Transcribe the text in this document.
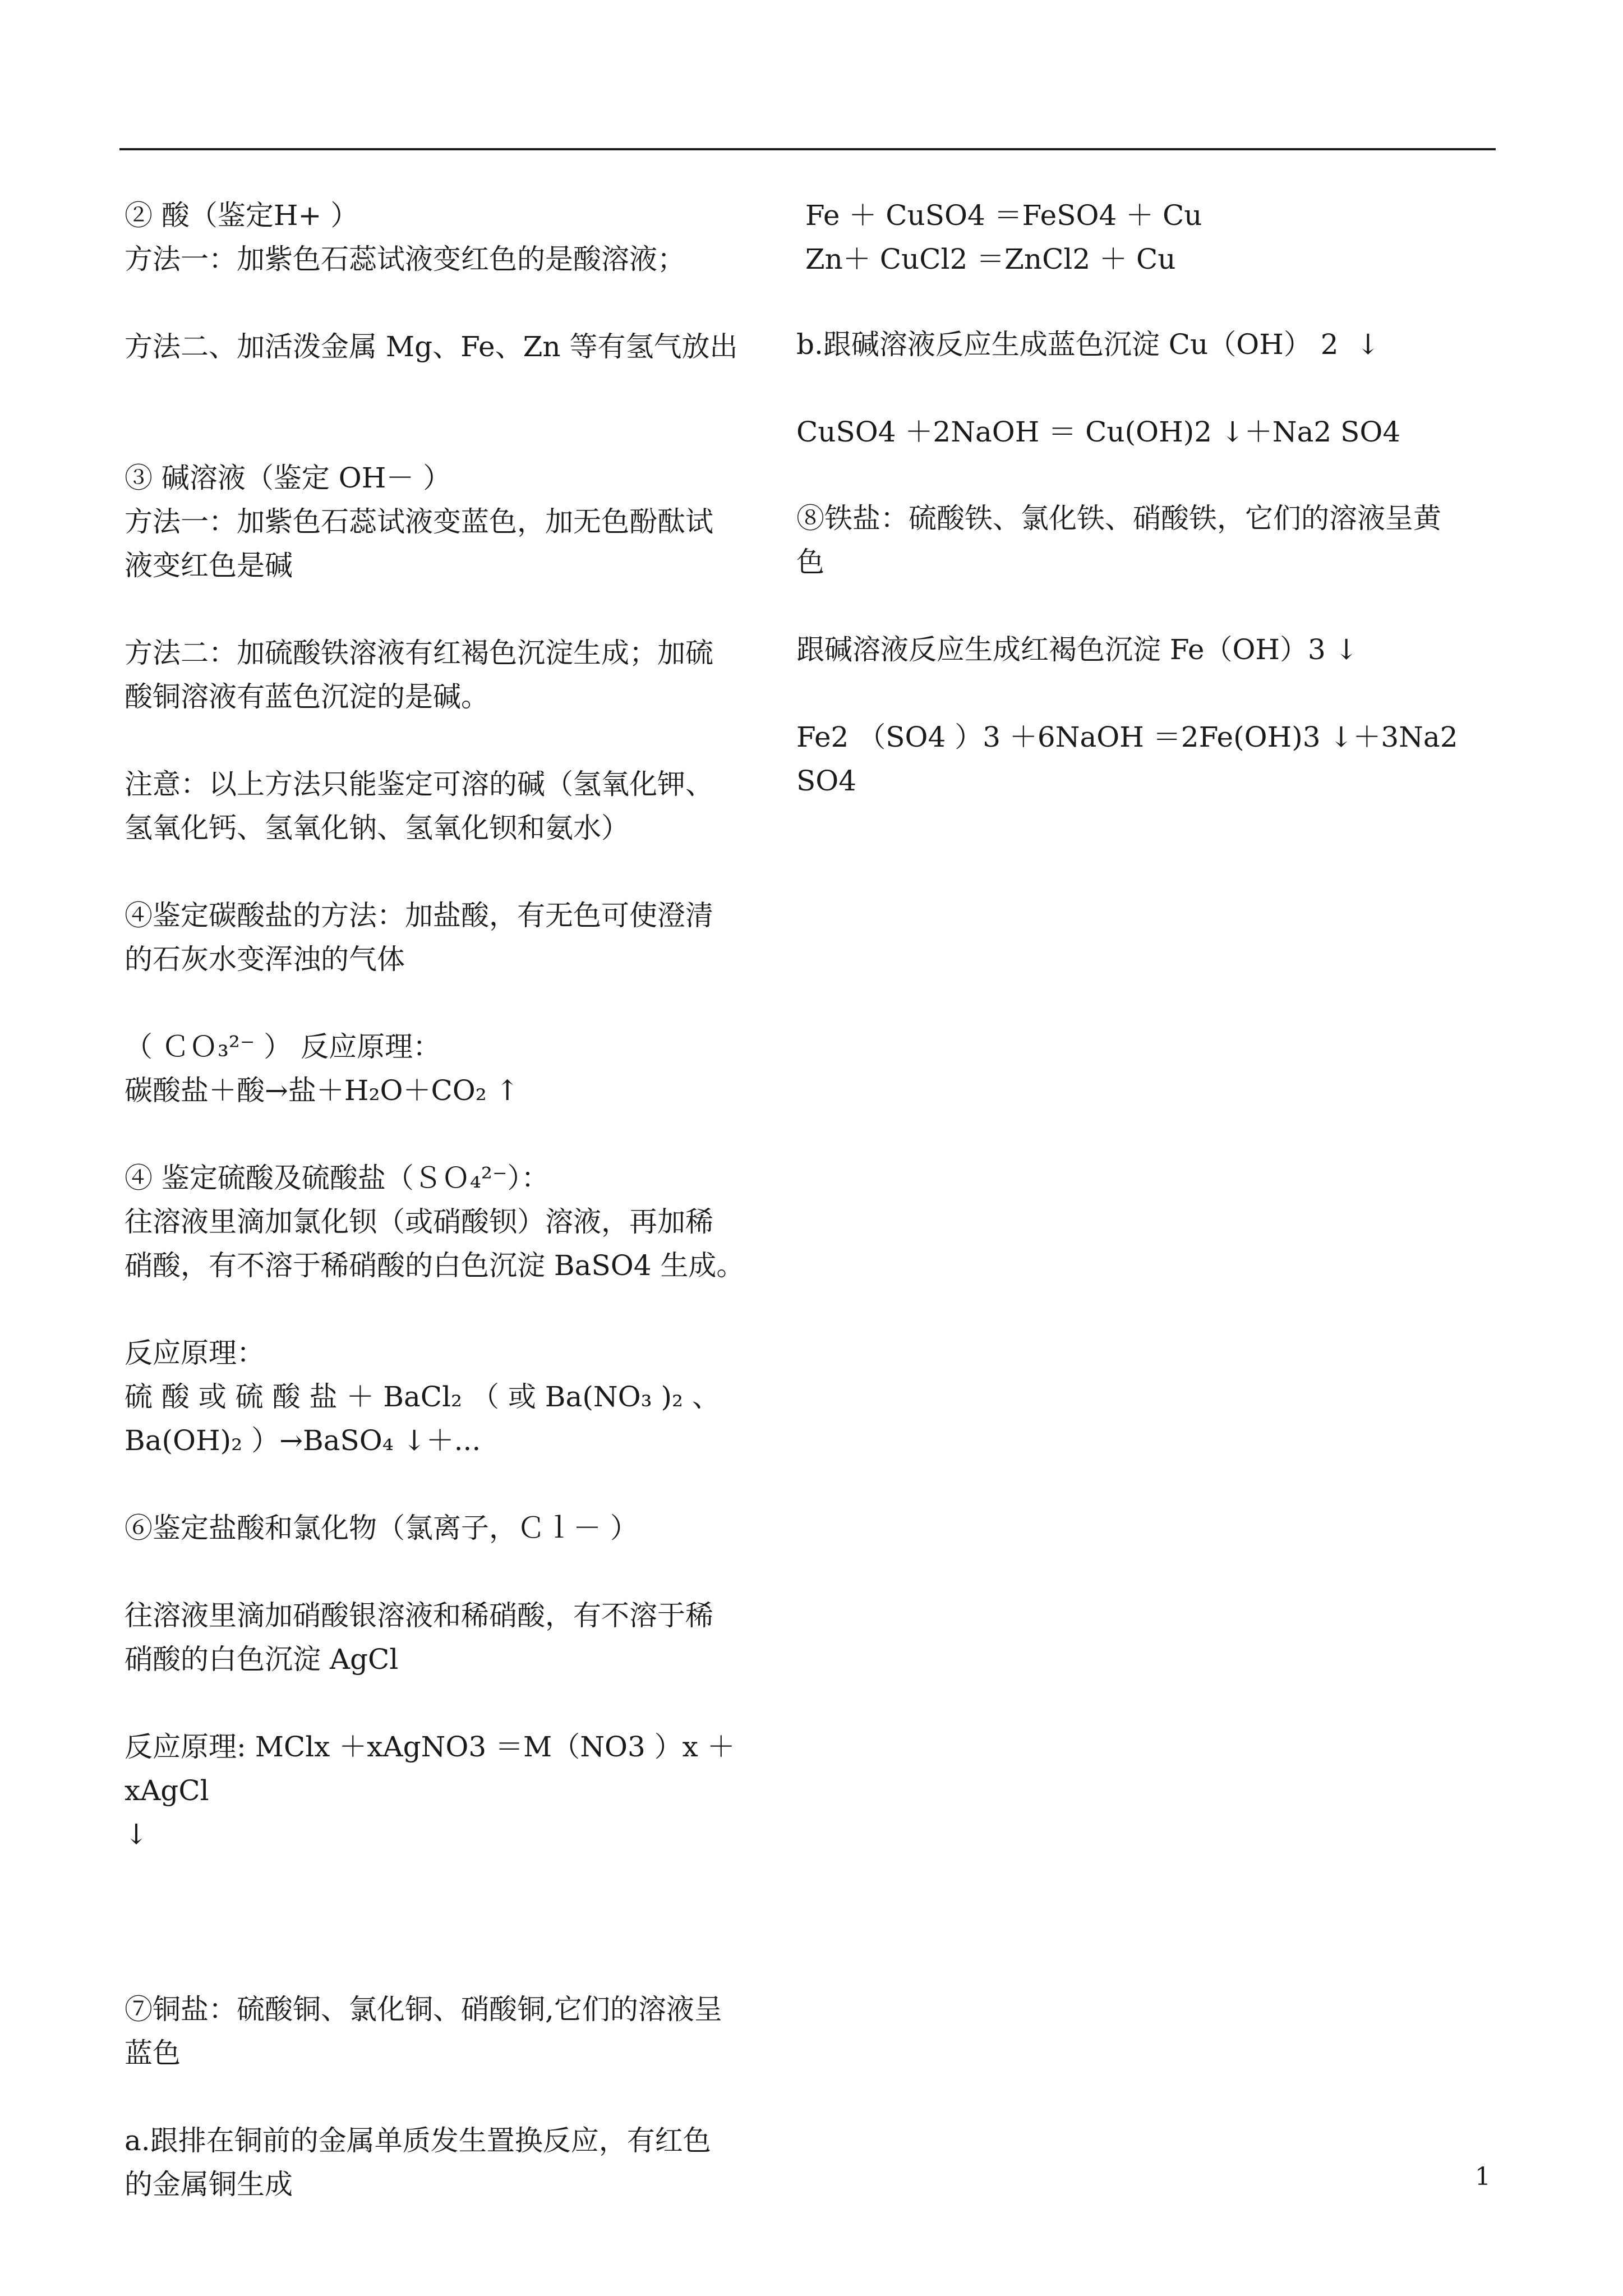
② 酸（鉴定H+ ）

方法一：加紫色石蕊试液变红色的是酸溶液；

方法二、加活泼金属 Mg、Fe、Zn 等有氢气放出

③ 碱溶液（鉴定 OH－ ）

方法一：加紫色石蕊试液变蓝色，加无色酚酞试

液变红色是碱

方法二：加硫酸铁溶液有红褐色沉淀生成；加硫

酸铜溶液有蓝色沉淀的是碱。

注意：以上方法只能鉴定可溶的碱（氢氧化钾、

氢氧化钙、氢氧化钠、氢氧化钡和氨水）

④鉴定碳酸盐的方法：加盐酸，有无色可使澄清

的石灰水变浑浊的气体

（ ＣＯ₃²⁻ ） 反应原理：

碳酸盐＋酸→盐＋H₂O＋CO₂ ↑

④ 鉴定硫酸及硫酸盐（ＳＯ₄²⁻）：

往溶液里滴加氯化钡（或硝酸钡）溶液，再加稀

硝酸，有不溶于稀硝酸的白色沉淀 BaSO4 生成。

反应原理：

硫 酸 或 硫 酸 盐 ＋ BaCl₂ （ 或 Ba(NO₃ )₂ 、

Ba(OH)₂ ）→BaSO₄ ↓＋...

⑥鉴定盐酸和氯化物（氯离子，Ｃｌ－ ）

往溶液里滴加硝酸银溶液和稀硝酸，有不溶于稀

硝酸的白色沉淀 AgCl

反应原理: MClx ＋xAgNO3 ＝M（NO3 ）x ＋xAgCl

↓

⑦铜盐：硫酸铜、氯化铜、硝酸铜,它们的溶液呈

蓝色

a.跟排在铜前的金属单质发生置换反应，有红色

的金属铜生成

Fe ＋ CuSO4 ＝FeSO4 ＋ Cu

Zn＋ CuCl2 ＝ZnCl2 ＋ Cu

b.跟碱溶液反应生成蓝色沉淀 Cu（OH） 2  ↓

CuSO4 ＋2NaOH ＝ Cu(OH)2 ↓＋Na2 SO4

⑧铁盐：硫酸铁、氯化铁、硝酸铁，它们的溶液呈黄

色

跟碱溶液反应生成红褐色沉淀 Fe（OH）3 ↓

Fe2 （SO4 ）3 ＋6NaOH ＝2Fe(OH)3 ↓＋3Na2 SO4

1
